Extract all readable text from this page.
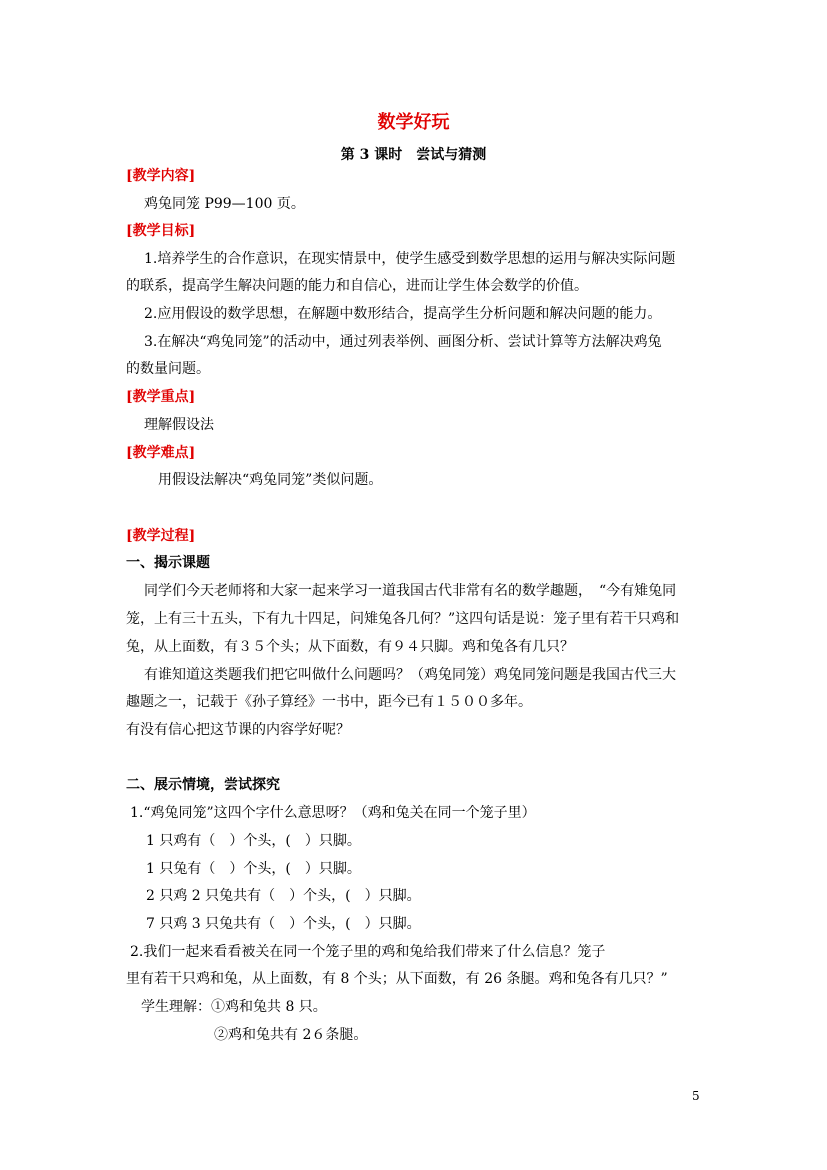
数学好玩
第 3 课时　尝试与猜测
[教学内容]
鸡兔同笼 P99—100 页。
[教学目标]
1.培养学生的合作意识，在现实情景中，使学生感受到数学思想的运用与解决实际问题
的联系，提高学生解决问题的能力和自信心，进而让学生体会数学的价值。
2.应用假设的数学思想，在解题中数形结合，提高学生分析问题和解决问题的能力。
3.在解决“鸡兔同笼”的活动中，通过列表举例、画图分析、尝试计算等方法解决鸡兔
的数量问题。
[教学重点]
理解假设法
[教学难点]
用假设法解决“鸡兔同笼”类似问题。
[教学过程]
一、揭示课题
同学们今天老师将和大家一起来学习一道我国古代非常有名的数学趣题，　“今有雉兔同
笼，上有三十五头，下有九十四足，问雉兔各几何？”这四句话是说：笼子里有若干只鸡和
兔，从上面数，有３５个头；从下面数，有９４只脚。鸡和兔各有几只？
有谁知道这类题我们把它叫做什么问题吗？（鸡兔同笼）鸡兔同笼问题是我国古代三大
趣题之一，记载于《孙子算经》一书中，距今已有１５００多年。
有没有信心把这节课的内容学好呢？
二、展示情境，尝试探究
1.“鸡兔同笼”这四个字什么意思呀？（鸡和兔关在同一个笼子里）
1 只鸡有（　）个头，(　）只脚。
1 只兔有（　）个头，(　）只脚。
2 只鸡 2 只兔共有（　）个头，(　）只脚。
7 只鸡 3 只兔共有（　）个头，(　）只脚。
2.我们一起来看看被关在同一个笼子里的鸡和兔给我们带来了什么信息？笼子
里有若干只鸡和兔，从上面数，有 8 个头；从下面数，有 26 条腿。鸡和兔各有几只？”
学生理解：①鸡和兔共 8 只。
②鸡和兔共有 2６条腿。
5
